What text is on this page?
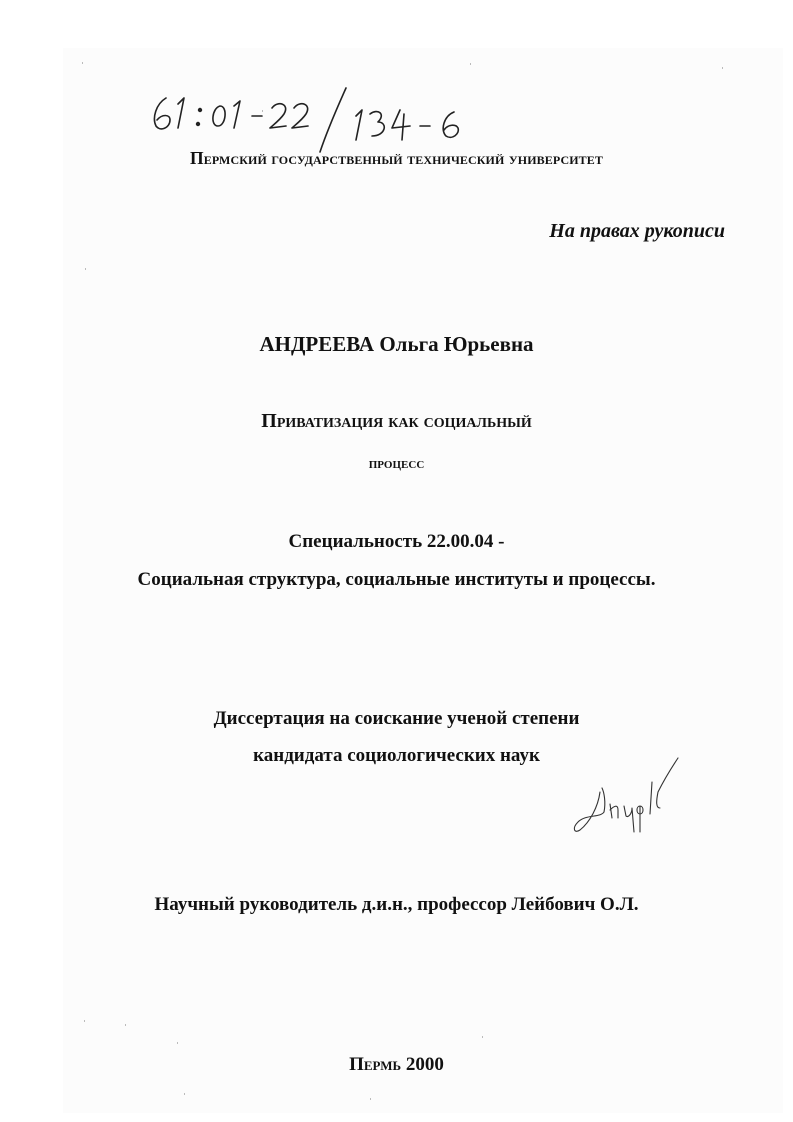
Пермский государственный технический университет
На правах рукописи
АНДРЕЕВА Ольга Юрьевна
Приватизация как социальный
процесс
Специальность 22.00.04 -
Социальная структура, социальные институты и процессы.
Диссертация на соискание ученой степени
кандидата социологических наук
Научный руководитель д.и.н., профессор Лейбович О.Л.
Пермь 2000
